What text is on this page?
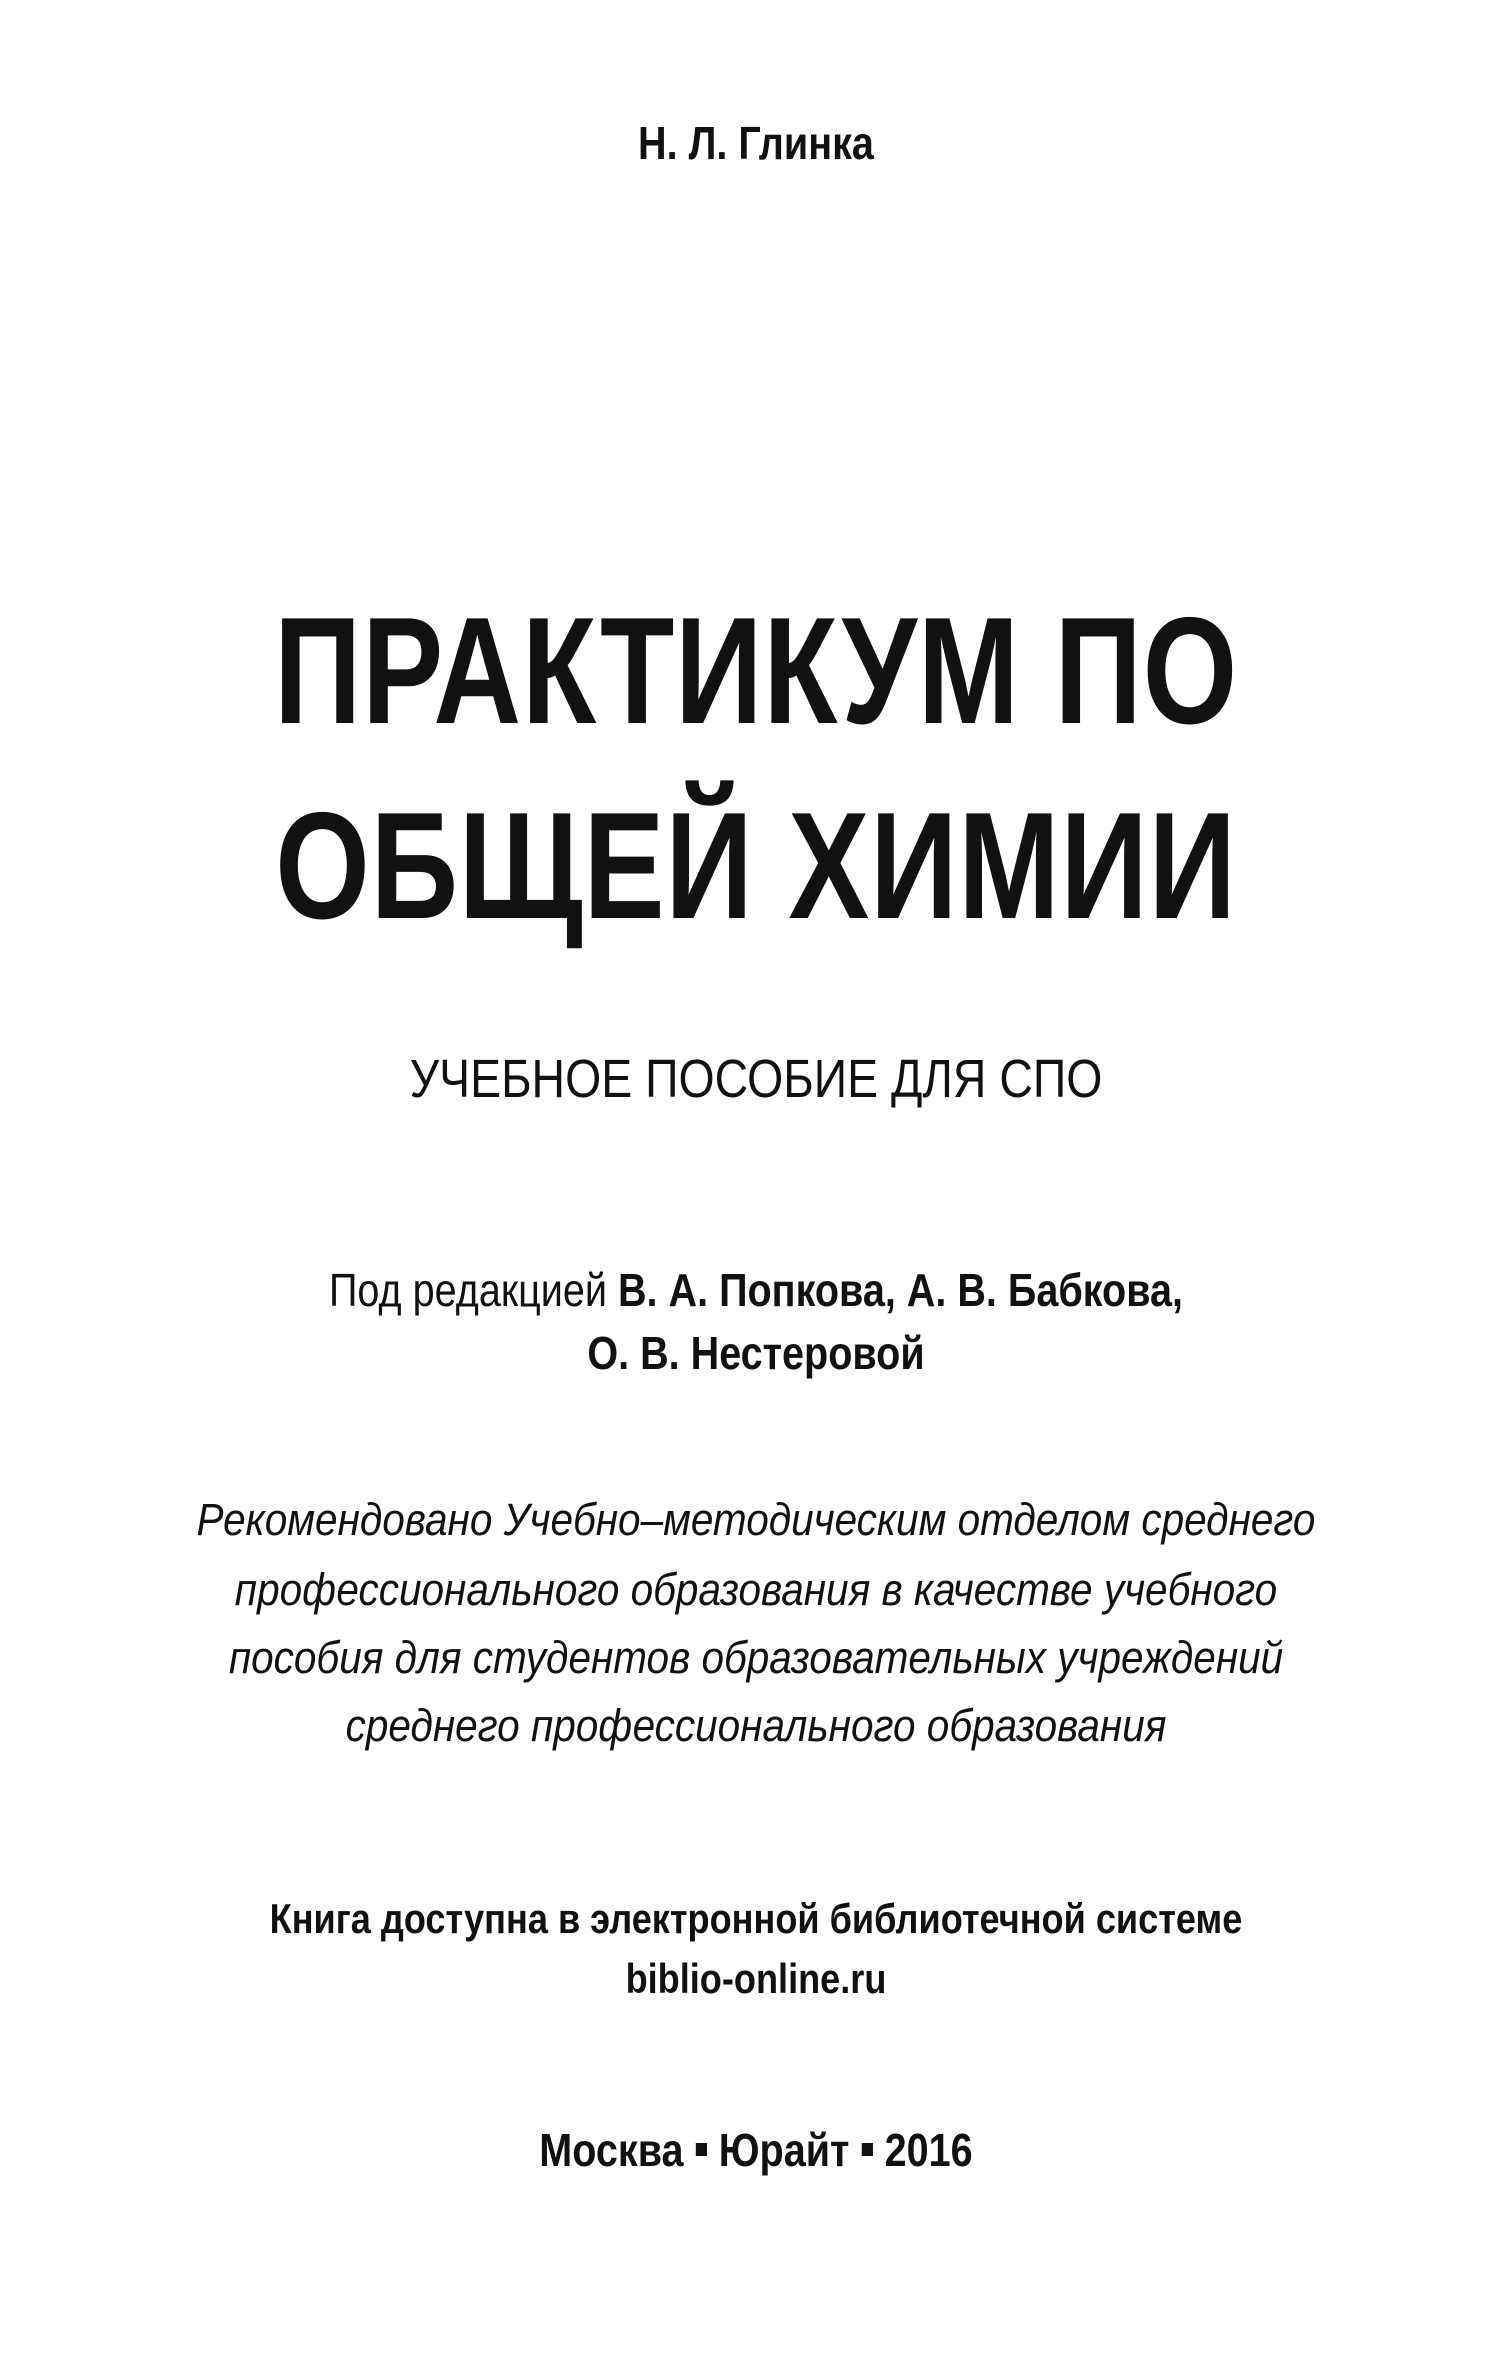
Н. Л. Глинка
ПРАКТИКУМ ПО
ОБЩЕЙ ХИМИИ
УЧЕБНОЕ ПОСОБИЕ ДЛЯ СПО
Под редакцией В. А. Попкова, А. В. Бабкова,
О. В. Нестеровой
Рекомендовано Учебно–методическим отделом среднего
профессионального образования в качестве учебного
пособия для студентов образовательных учреждений
среднего профессионального образования
Книга доступна в электронной библиотечной системе
biblio-online.ru
Москва Юрайт 2016
